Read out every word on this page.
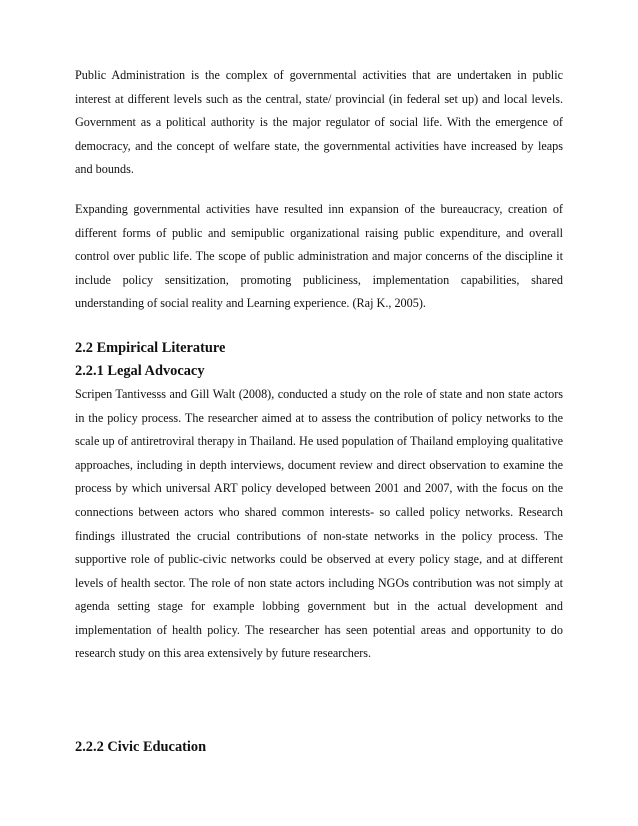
Public Administration is the complex of governmental activities that are undertaken in public interest at different levels such as the central, state/ provincial (in federal set up) and local levels. Government as a political authority is the major regulator of social life. With the emergence of democracy, and the concept of welfare state, the governmental activities have increased by leaps and bounds.

Expanding governmental activities have resulted inn expansion of the bureaucracy, creation of different forms of public and semipublic organizational raising public expenditure, and overall control over public life. The scope of public administration and major concerns of the discipline it include policy sensitization, promoting publiciness, implementation capabilities, shared understanding of social reality and Learning experience. (Raj K., 2005).

2.2 Empirical Literature
2.2.1 Legal Advocacy

Scripen Tantivesss and Gill Walt (2008), conducted a study on the role of state and non state actors in the policy process. The researcher aimed at to assess the contribution of policy networks to the scale up of antiretroviral therapy in Thailand. He used population of Thailand employing qualitative approaches, including in depth interviews, document review and direct observation to examine the process by which universal ART policy developed between 2001 and 2007, with the focus on the connections between actors who shared common interests- so called policy networks. Research findings illustrated the crucial contributions of non-state networks in the policy process. The supportive role of public-civic networks could be observed at every policy stage, and at different levels of health sector. The role of non state actors including NGOs contribution was not simply at agenda setting stage for example lobbing government but in the actual development and implementation of health policy. The researcher has seen potential areas and opportunity to do research study on this area extensively by future researchers.

2.2.2 Civic Education
